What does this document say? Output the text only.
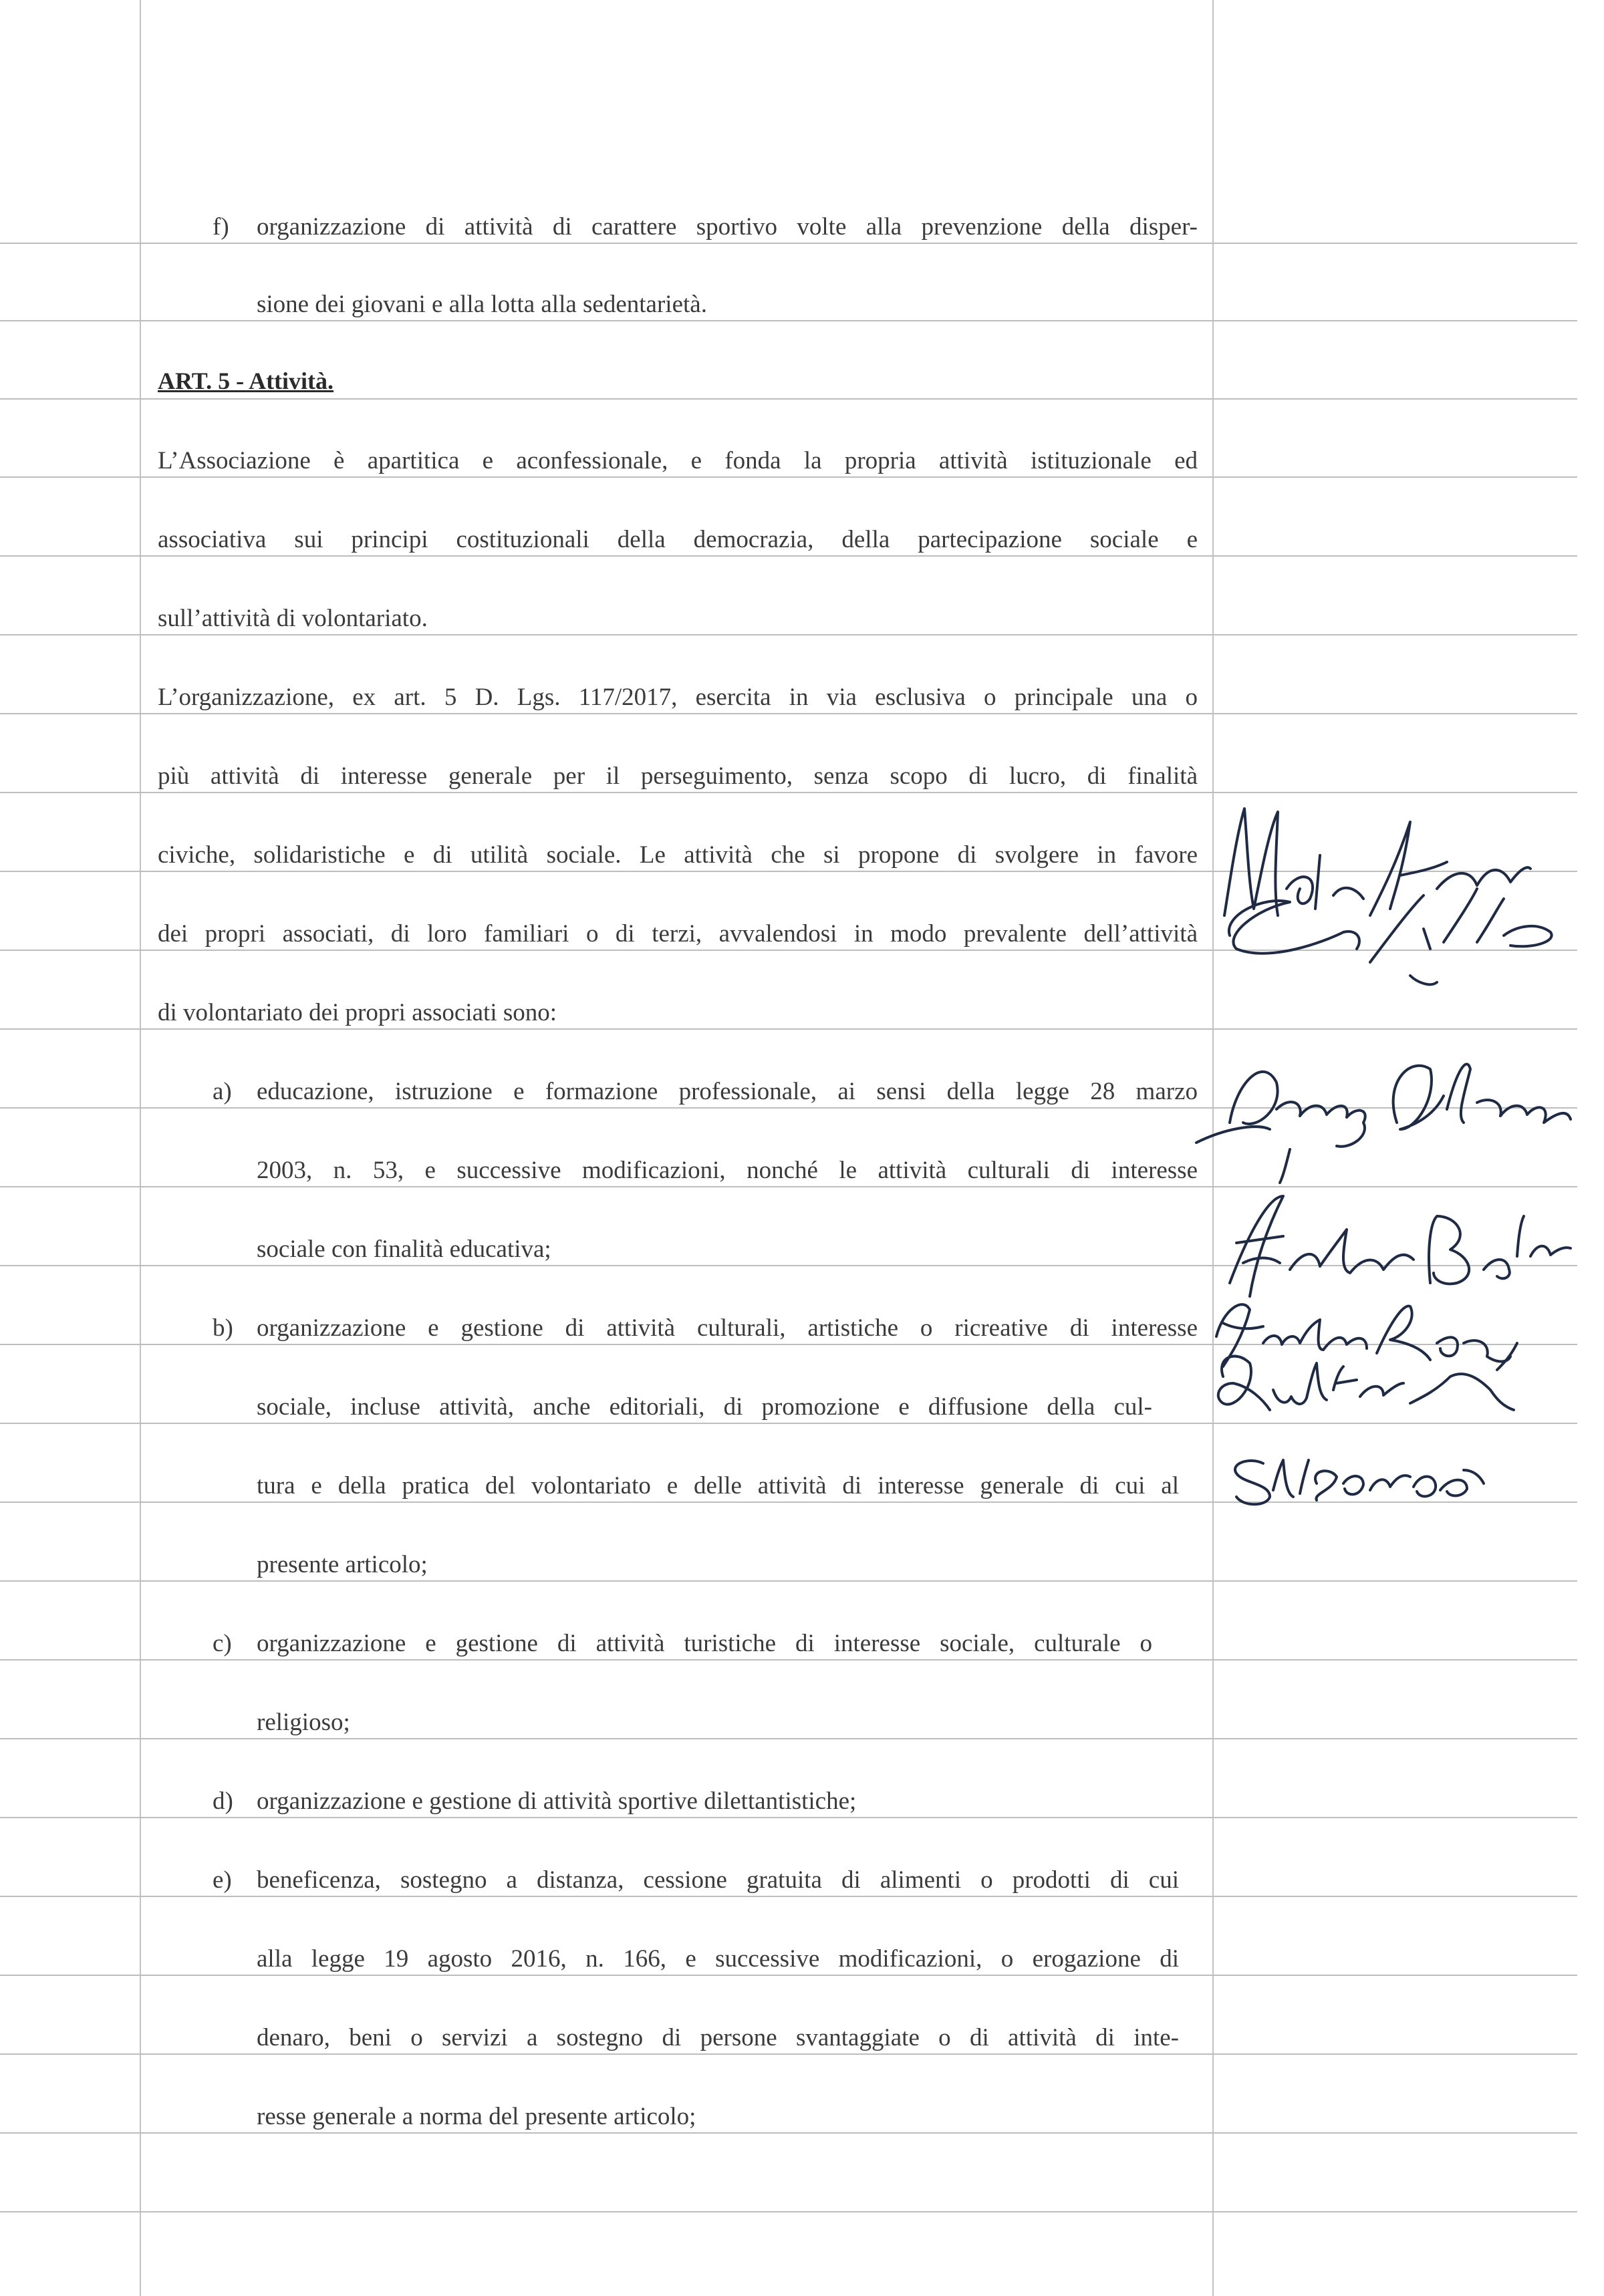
f) organizzazione di attività di carattere sportivo volte alla prevenzione della disper-
sione dei giovani e alla lotta alla sedentarietà.
ART. 5 - Attività.
L’Associazione è apartitica e aconfessionale, e fonda la propria attività istituzionale ed
associativa sui principi costituzionali della democrazia, della partecipazione sociale e
sull’attività di volontariato.
L’organizzazione, ex art. 5 D. Lgs. 117/2017, esercita in via esclusiva o principale una o
più attività di interesse generale per il perseguimento, senza scopo di lucro, di finalità
civiche, solidaristiche e di utilità sociale. Le attività che si propone di svolgere in favore
dei propri associati, di loro familiari o di terzi, avvalendosi in modo prevalente dell’attività
di volontariato dei propri associati sono:
a) educazione, istruzione e formazione professionale, ai sensi della legge 28 marzo
2003, n. 53, e successive modificazioni, nonché le attività culturali di interesse
sociale con finalità educativa;
b) organizzazione e gestione di attività culturali, artistiche o ricreative di interesse
sociale, incluse attività, anche editoriali, di promozione e diffusione della cul-
tura e della pratica del volontariato e delle attività di interesse generale di cui al
presente articolo;
c) organizzazione e gestione di attività turistiche di interesse sociale, culturale o
religioso;
d) organizzazione e gestione di attività sportive dilettantistiche;
e) beneficenza, sostegno a distanza, cessione gratuita di alimenti o prodotti di cui
alla legge 19 agosto 2016, n. 166, e successive modificazioni, o erogazione di
denaro, beni o servizi a sostegno di persone svantaggiate o di attività di inte-
resse generale a norma del presente articolo;
